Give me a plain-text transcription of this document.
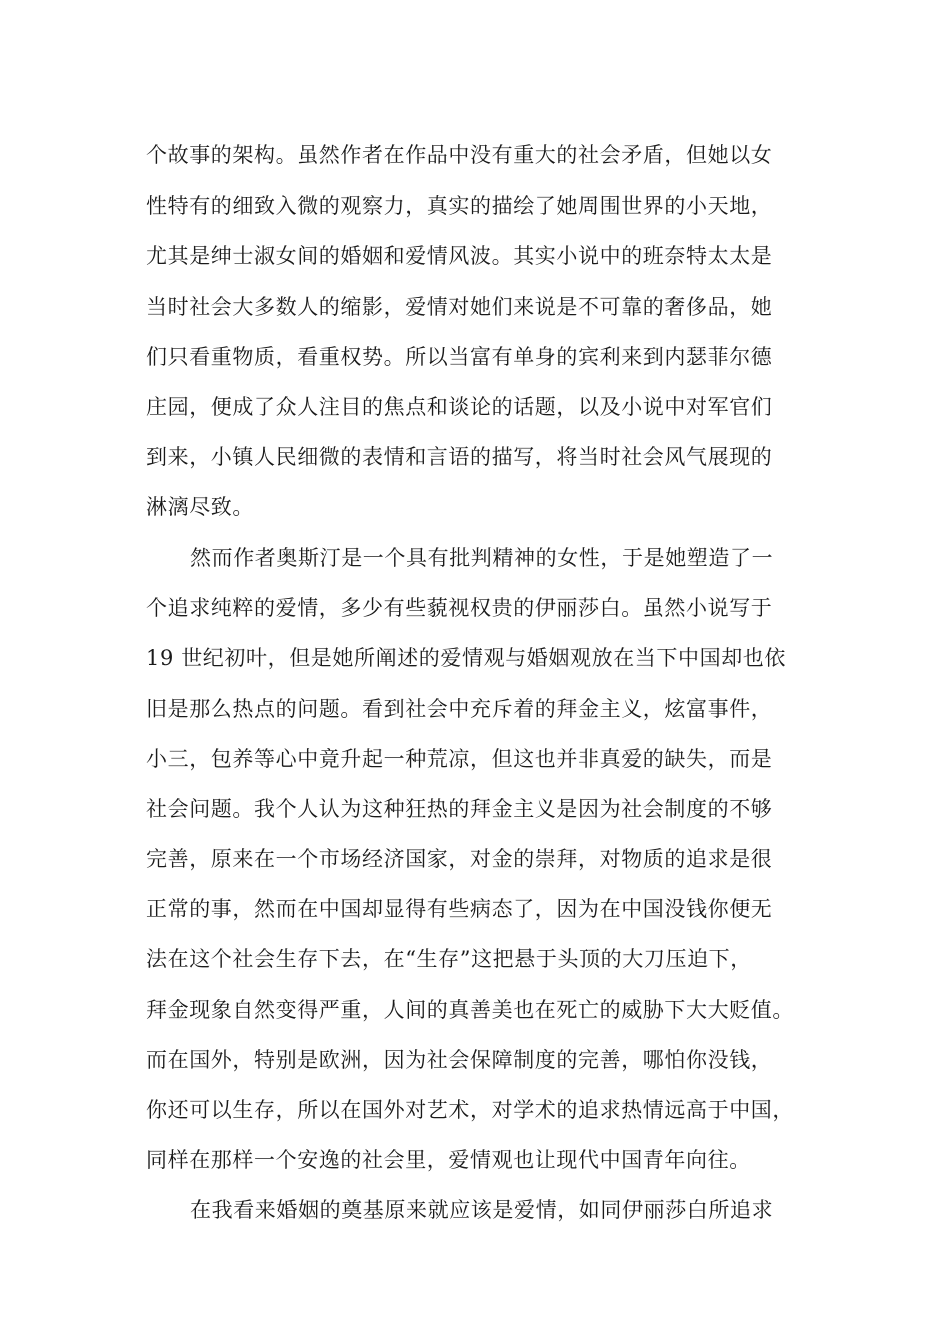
个故事的架构。虽然作者在作品中没有重大的社会矛盾，但她以女
性特有的细致入微的观察力，真实的描绘了她周围世界的小天地，
尤其是绅士淑女间的婚姻和爱情风波。其实小说中的班奈特太太是
当时社会大多数人的缩影，爱情对她们来说是不可靠的奢侈品，她
们只看重物质，看重权势。所以当富有单身的宾利来到内瑟菲尔德
庄园，便成了众人注目的焦点和谈论的话题，以及小说中对军官们
到来，小镇人民细微的表情和言语的描写，将当时社会风气展现的
淋漓尽致。
然而作者奥斯汀是一个具有批判精神的女性，于是她塑造了一
个追求纯粹的爱情，多少有些藐视权贵的伊丽莎白。虽然小说写于
19 世纪初叶，但是她所阐述的爱情观与婚姻观放在当下中国却也依
旧是那么热点的问题。看到社会中充斥着的拜金主义，炫富事件，
小三，包养等心中竟升起一种荒凉，但这也并非真爱的缺失，而是
社会问题。我个人认为这种狂热的拜金主义是因为社会制度的不够
完善，原来在一个市场经济国家，对金的崇拜，对物质的追求是很
正常的事，然而在中国却显得有些病态了，因为在中国没钱你便无
法在这个社会生存下去，在“生存”这把悬于头顶的大刀压迫下，
拜金现象自然变得严重，人间的真善美也在死亡的威胁下大大贬值。
而在国外，特别是欧洲，因为社会保障制度的完善，哪怕你没钱，
你还可以生存，所以在国外对艺术，对学术的追求热情远高于中国，
同样在那样一个安逸的社会里，爱情观也让现代中国青年向往。
在我看来婚姻的奠基原来就应该是爱情，如同伊丽莎白所追求
